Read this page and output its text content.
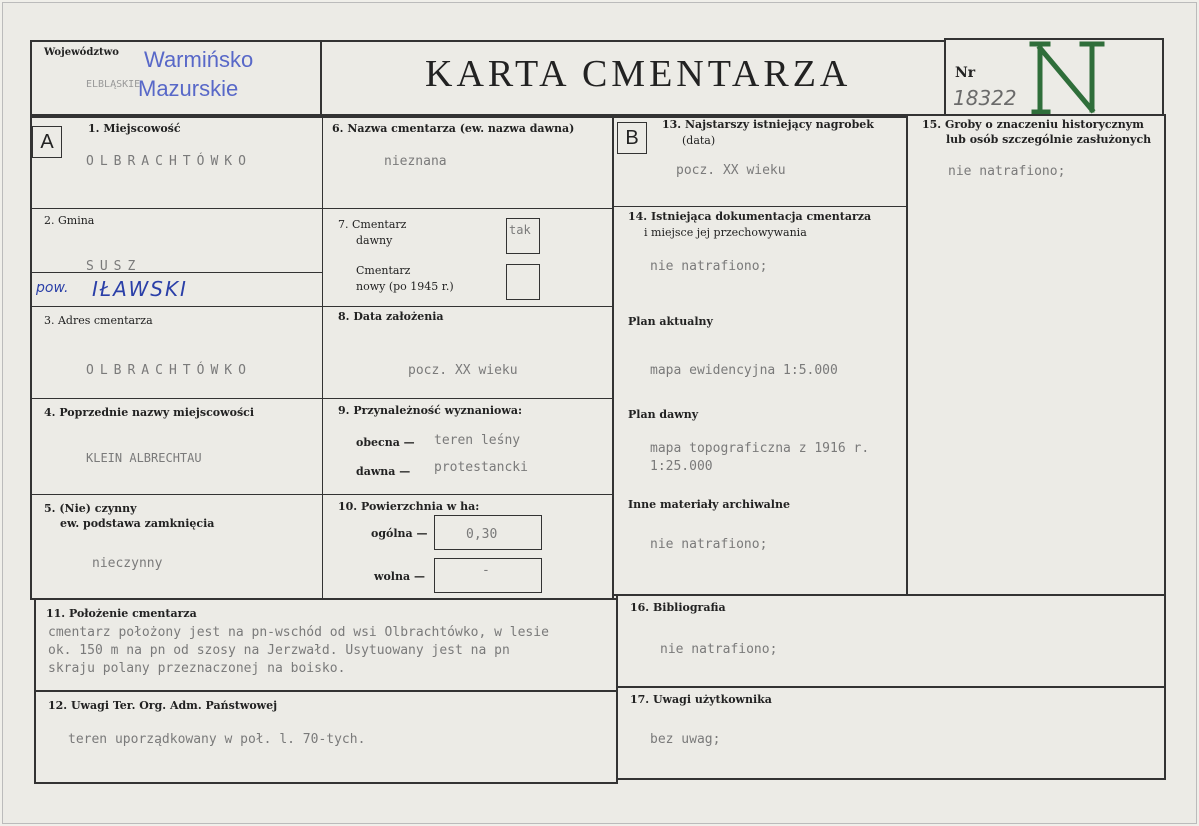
Województwo
ELBLĄSKIE
Warmińsko
Mazurskie	KARTA CMENTARZA	Nr
18322
A
1. Miejscowość
OLBRACHTÓWKO
2. Gmina
SUSZ
pow. IŁAWSKI
3. Adres cmentarza
OLBRACHTÓWKO
4. Poprzednie nazwy miejscowości
KLEIN ALBRECHTAU
5. (Nie) czynny
ew. podstawa zamknięcia
nieczynny
6. Nazwa cmentarza (ew. nazwa dawna)
nieznana
7. Cmentarz
dawny
tak
Cmentarz
nowy (po 1945 r.)
8. Data założenia
pocz. XX wieku
9. Przynależność wyznaniowa:
obecna — teren leśny
dawna — protestancki
10. Powierzchnia w ha:
ogólna —	0,30
wolna —	-
B
13. Najstarszy istniejący nagrobek
(data)
pocz. XX wieku
14. Istniejąca dokumentacja cmentarza
i miejsce jej przechowywania
nie natrafiono;
Plan aktualny
mapa ewidencyjna 1:5.000
Plan dawny
mapa topograficzna z 1916 r.
1:25.000
Inne materiały archiwalne
nie natrafiono;
15. Groby o znaczeniu historycznym
lub osób szczególnie zasłużonych
nie natrafiono;
11. Położenie cmentarza
cmentarz położony jest na pn-wschód od wsi Olbrachtówko, w lesie
ok. 150 m na pn od szosy na Jerzwałd. Usytuowany jest na pn
skraju polany przeznaczonej na boisko.
12. Uwagi Ter. Org. Adm. Państwowej
teren uporządkowany w poł. l. 70-tych.
16. Bibliografia
nie natrafiono;
17. Uwagi użytkownika
bez uwag;
